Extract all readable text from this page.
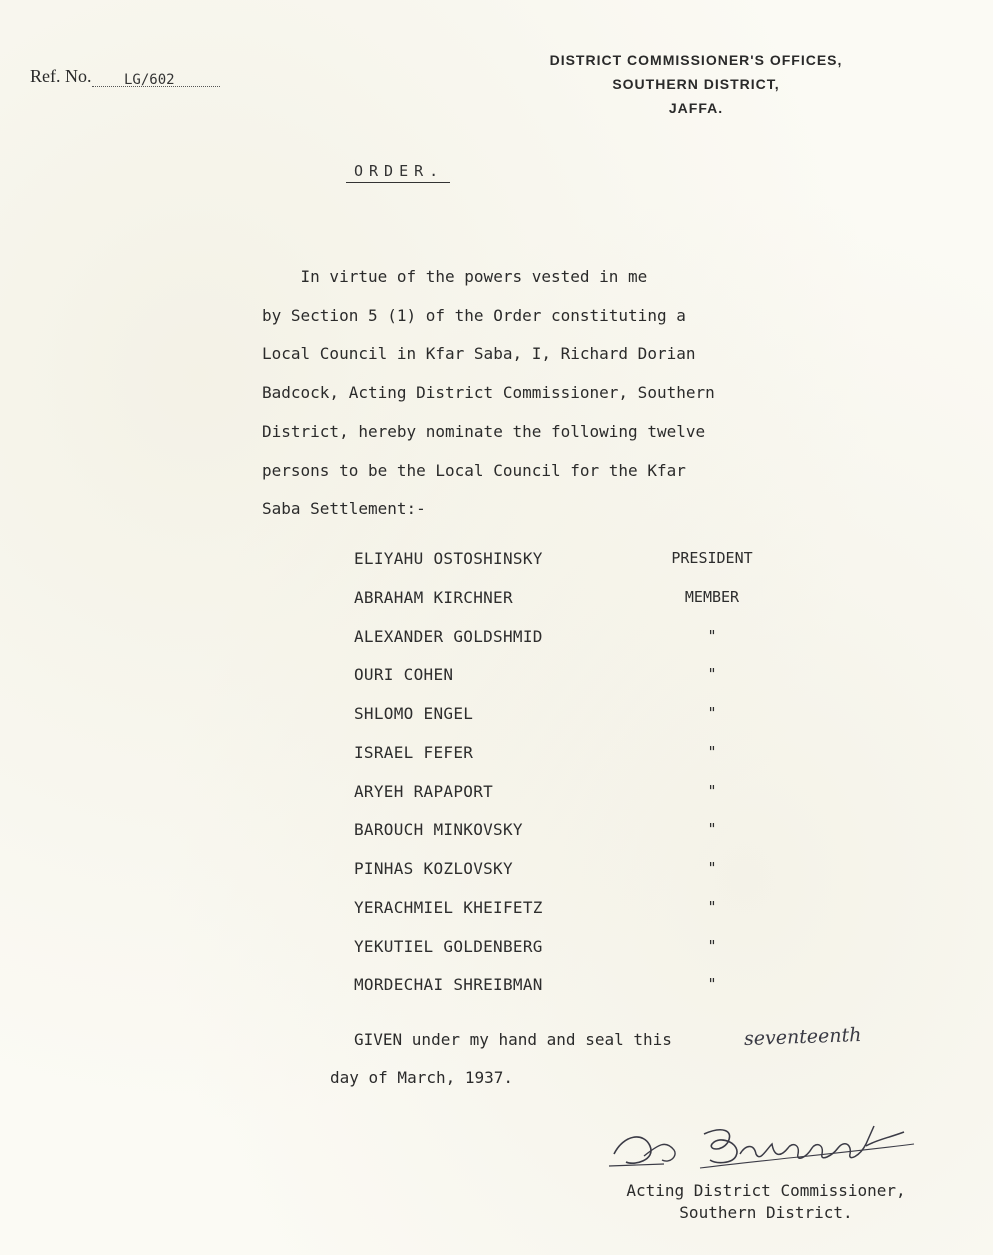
Ref. No. LG/602
DISTRICT COMMISSIONER'S OFFICES,
SOUTHERN DISTRICT,
JAFFA.
ORDER.
In virtue of the powers vested in me
by Section 5 (1) of the Order constituting a
Local Council in Kfar Saba, I, Richard Dorian
Badcock, Acting District Commissioner, Southern
District, hereby nominate the following twelve
persons to be the Local Council for the Kfar
Saba Settlement:-
ELIYAHU OSTOSHINSKY	PRESIDENT
ABRAHAM KIRCHNER	MEMBER
ALEXANDER GOLDSHMID	"
OURI COHEN	"
SHLOMO ENGEL	"
ISRAEL FEFER	"
ARYEH RAPAPORT	"
BAROUCH MINKOVSKY	"
PINHAS KOZLOVSKY	"
YERACHMIEL KHEIFETZ	"
YEKUTIEL GOLDENBERG	"
MORDECHAI SHREIBMAN	"
GIVEN under my hand and seal this	seventeenth
day of March, 1937.
Acting District Commissioner,
Southern District.
